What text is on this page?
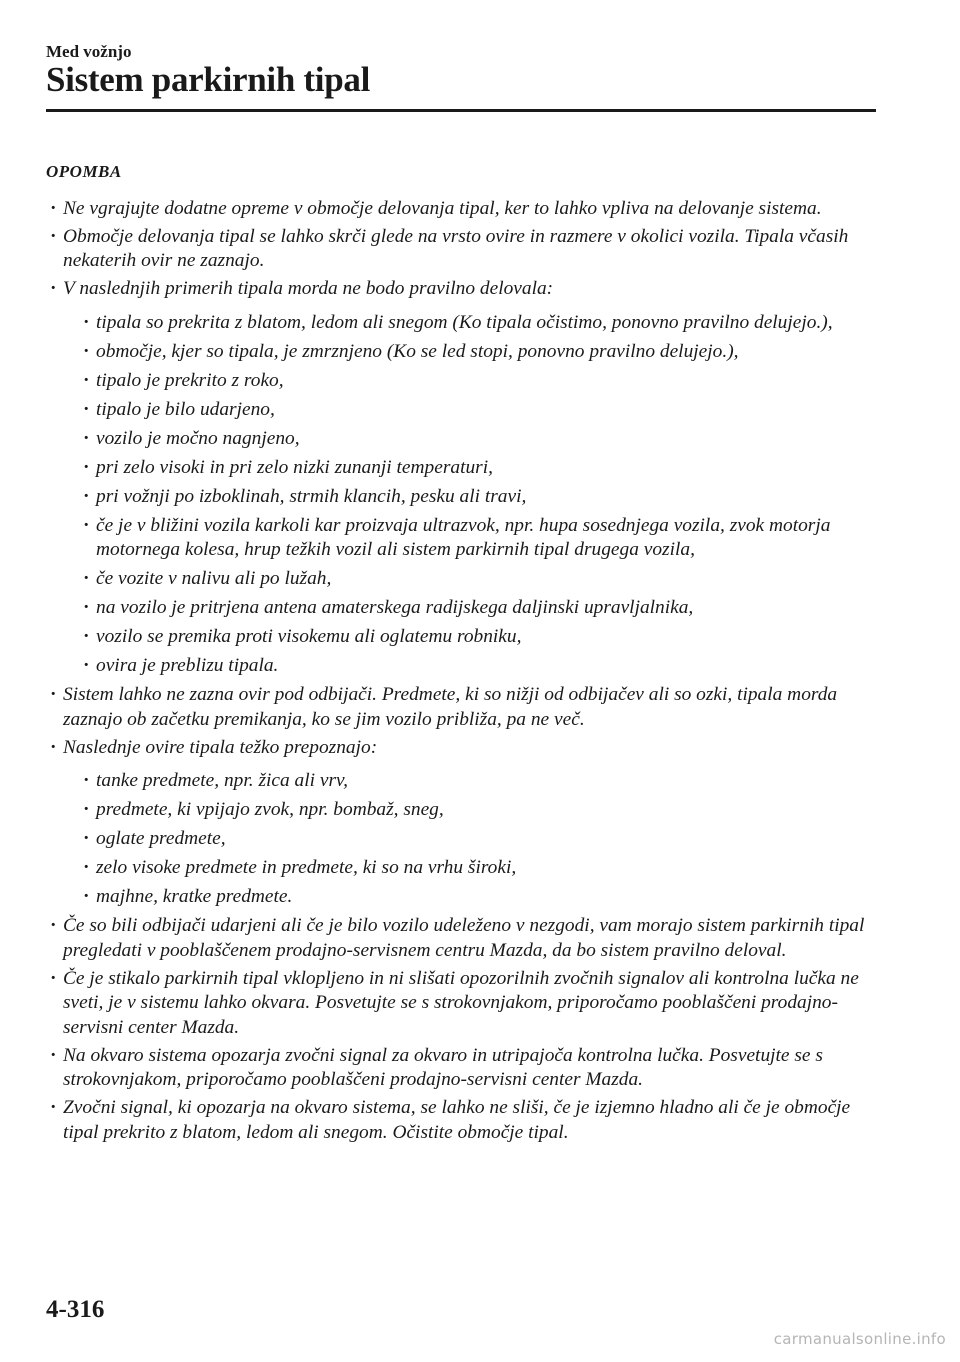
Med vožnjo
Sistem parkirnih tipal
OPOMBA
· Ne vgrajujte dodatne opreme v območje delovanja tipal, ker to lahko vpliva na delovanje sistema.
· Območje delovanja tipal se lahko skrči glede na vrsto ovire in razmere v okolici vozila. Tipala včasih nekaterih ovir ne zaznajo.
· V naslednjih primerih tipala morda ne bodo pravilno delovala:
· tipala so prekrita z blatom, ledom ali snegom (Ko tipala očistimo, ponovno pravilno delujejo.),
· območje, kjer so tipala, je zmrznjeno (Ko se led stopi, ponovno pravilno delujejo.),
· tipalo je prekrito z roko,
· tipalo je bilo udarjeno,
· vozilo je močno nagnjeno,
· pri zelo visoki in pri zelo nizki zunanji temperaturi,
· pri vožnji po izboklinah, strmih klancih, pesku ali travi,
· če je v bližini vozila karkoli kar proizvaja ultrazvok, npr. hupa sosednjega vozila, zvok motorja motornega kolesa, hrup težkih vozil ali sistem parkirnih tipal drugega vozila,
· če vozite v nalivu ali po lužah,
· na vozilo je pritrjena antena amaterskega radijskega daljinski upravljalnika,
· vozilo se premika proti visokemu ali oglatemu robniku,
· ovira je preblizu tipala.
· Sistem lahko ne zazna ovir pod odbijači. Predmete, ki so nižji od odbijačev ali so ozki, tipala morda zaznajo ob začetku premikanja, ko se jim vozilo približa, pa ne več.
· Naslednje ovire tipala težko prepoznajo:
· tanke predmete, npr. žica ali vrv,
· predmete, ki vpijajo zvok, npr. bombaž, sneg,
· oglate predmete,
· zelo visoke predmete in predmete, ki so na vrhu široki,
· majhne, kratke predmete.
· Če so bili odbijači udarjeni ali če je bilo vozilo udeleženo v nezgodi, vam morajo sistem parkirnih tipal pregledati v pooblaščenem prodajno-servisnem centru Mazda, da bo sistem pravilno deloval.
· Če je stikalo parkirnih tipal vklopljeno in ni slišati opozorilnih zvočnih signalov ali kontrolna lučka ne sveti, je v sistemu lahko okvara. Posvetujte se s strokovnjakom, priporočamo pooblaščeni prodajno-servisni center Mazda.
· Na okvaro sistema opozarja zvočni signal za okvaro in utripajoča kontrolna lučka. Posvetujte se s strokovnjakom, priporočamo pooblaščeni prodajno-servisni center Mazda.
· Zvočni signal, ki opozarja na okvaro sistema, se lahko ne sliši, če je izjemno hladno ali če je območje tipal prekrito z blatom, ledom ali snegom. Očistite območje tipal.
4-316
carmanualsonline.info
